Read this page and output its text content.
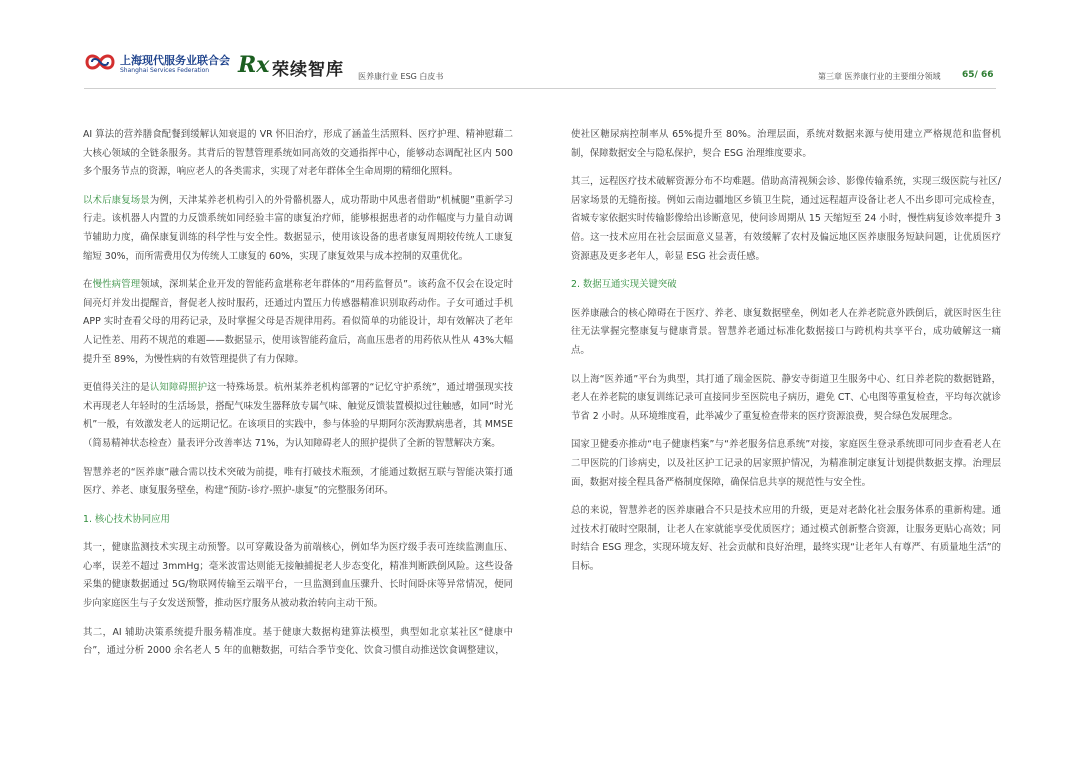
上海现代服务业联合会
Shanghai Services Federation Rx 荣续智库 医养康行业 ESG 白皮书	第三章 医养康行业的主要细分领域 65/ 66

AI 算法的营养膳食配餐到缓解认知衰退的 VR 怀旧治疗，形成了涵盖生活照料、医疗护理、精神慰藉二大核心领域的全链条服务。其背后的智慧管理系统如同高效的交通指挥中心，能够动态调配社区内 500 多个服务节点的资源，响应老人的各类需求，实现了对老年群体全生命周期的精细化照料。

以术后康复场景为例，天津某养老机构引入的外骨骼机器人，成功帮助中风患者借助“机械腿”重新学习行走。该机器人内置的力反馈系统如同经验丰富的康复治疗师，能够根据患者的动作幅度与力量自动调节辅助力度，确保康复训练的科学性与安全性。数据显示，使用该设备的患者康复周期较传统人工康复缩短 30%，而所需费用仅为传统人工康复的 60%，实现了康复效果与成本控制的双重优化。

在慢性病管理领域，深圳某企业开发的智能药盒堪称老年群体的“用药监督员”。该药盒不仅会在设定时间亮灯并发出提醒音，督促老人按时服药，还通过内置压力传感器精准识别取药动作。子女可通过手机 APP 实时查看父母的用药记录，及时掌握父母是否规律用药。看似简单的功能设计，却有效解决了老年人记性差、用药不规范的难题——数据显示，使用该智能药盒后，高血压患者的用药依从性从 43%大幅提升至 89%，为慢性病的有效管理提供了有力保障。

更值得关注的是认知障碍照护这一特殊场景。杭州某养老机构部署的“记忆守护系统”，通过增强现实技术再现老人年轻时的生活场景，搭配气味发生器释放专属气味、触觉反馈装置模拟过往触感，如同“时光机”一般，有效激发老人的远期记忆。在该项目的实践中，参与体验的早期阿尔茨海默病患者，其 MMSE（简易精神状态检查）量表评分改善率达 71%，为认知障碍老人的照护提供了全新的智慧解决方案。

智慧养老的“医养康”融合需以技术突破为前提，唯有打破技术瓶颈，才能通过数据互联与智能决策打通医疗、养老、康复服务壁垒，构建“预防-诊疗-照护-康复”的完整服务闭环。

1. 核心技术协同应用

其一，健康监测技术实现主动预警。以可穿戴设备为前端核心，例如华为医疗级手表可连续监测血压、心率，误差不超过 3mmHg；毫米波雷达则能无接触捕捉老人步态变化，精准判断跌倒风险。这些设备采集的健康数据通过 5G/物联网传输至云端平台，一旦监测到血压骤升、长时间卧床等异常情况，便同步向家庭医生与子女发送预警，推动医疗服务从被动救治转向主动干预。

其二，AI 辅助决策系统提升服务精准度。基于健康大数据构建算法模型，典型如北京某社区“健康中台”，通过分析 2000 余名老人 5 年的血糖数据，可结合季节变化、饮食习惯自动推送饮食调整建议，

使社区糖尿病控制率从 65%提升至 80%。治理层面，系统对数据来源与使用建立严格规范和监督机制，保障数据安全与隐私保护，契合 ESG 治理维度要求。

其三，远程医疗技术破解资源分布不均难题。借助高清视频会诊、影像传输系统，实现三级医院与社区/居家场景的无缝衔接。例如云南边疆地区乡镇卫生院，通过远程超声设备让老人不出乡即可完成检查，省城专家依据实时传输影像给出诊断意见，使问诊周期从 15 天缩短至 24 小时，慢性病复诊效率提升 3 倍。这一技术应用在社会层面意义显著，有效缓解了农村及偏远地区医养康服务短缺问题，让优质医疗资源惠及更多老年人，彰显 ESG 社会责任感。

2. 数据互通实现关键突破

医养康融合的核心障碍在于医疗、养老、康复数据壁垒，例如老人在养老院意外跌倒后，就医时医生往往无法掌握完整康复与健康背景。智慧养老通过标准化数据接口与跨机构共享平台，成功破解这一痛点。

以上海“医养通”平台为典型，其打通了瑞金医院、静安寺街道卫生服务中心、红日养老院的数据链路，老人在养老院的康复训练记录可直接同步至医院电子病历，避免 CT、心电图等重复检查，平均每次就诊节省 2 小时。从环境维度看，此举减少了重复检查带来的医疗资源浪费，契合绿色发展理念。

国家卫健委亦推动“电子健康档案”与“养老服务信息系统”对接，家庭医生登录系统即可同步查看老人在二甲医院的门诊病史，以及社区护工记录的居家照护情况，为精准制定康复计划提供数据支撑。治理层面，数据对接全程具备严格制度保障，确保信息共享的规范性与安全性。

总的来说，智慧养老的医养康融合不只是技术应用的升级，更是对老龄化社会服务体系的重新构建。通过技术打破时空限制，让老人在家就能享受优质医疗；通过模式创新整合资源，让服务更贴心高效；同时结合 ESG 理念，实现环境友好、社会贡献和良好治理，最终实现“让老年人有尊严、有质量地生活”的目标。
